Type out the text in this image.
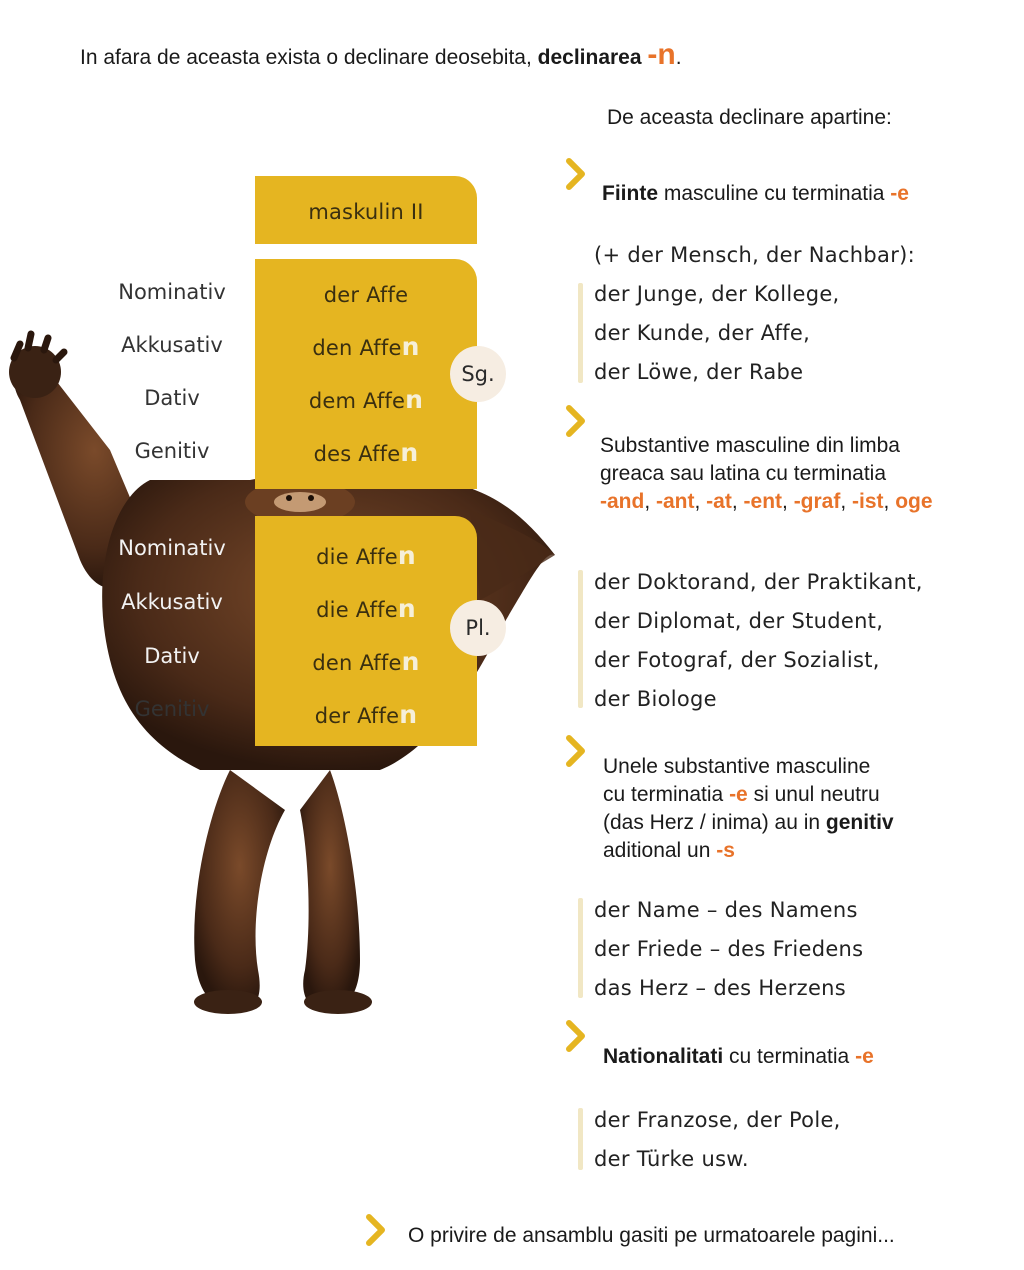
In afara de aceasta exista o declinare deosebita, declinarea -n.
De aceasta declinare apartine:
maskulin II
der Affe
den Affen
dem Affen
des Affen
Sg.
die Affen
die Affen
den Affen
der Affen
Pl.
Nominativ
Akkusativ
Dativ
Genitiv
Nominativ
Akkusativ
Dativ
Genitiv
Fiinte masculine cu terminatia -e
(+ der Mensch, der Nachbar):
der Junge, der Kollege,
der Kunde, der Affe,
der Löwe, der Rabe
Substantive masculine din limba
greaca sau latina cu terminatia
-and, -ant, -at, -ent, -graf, -ist, oge
der Doktorand, der Praktikant,
der Diplomat, der Student,
der Fotograf, der Sozialist,
der Biologe
Unele substantive masculine
cu terminatia -e si unul neutru
(das Herz / inima) au in genitiv
aditional un -s
der Name – des Namens
der Friede – des Friedens
das Herz – des Herzens
Nationalitati cu terminatia -e
der Franzose, der Pole,
der Türke usw.
O privire de ansamblu gasiti pe urmatoarele pagini...
